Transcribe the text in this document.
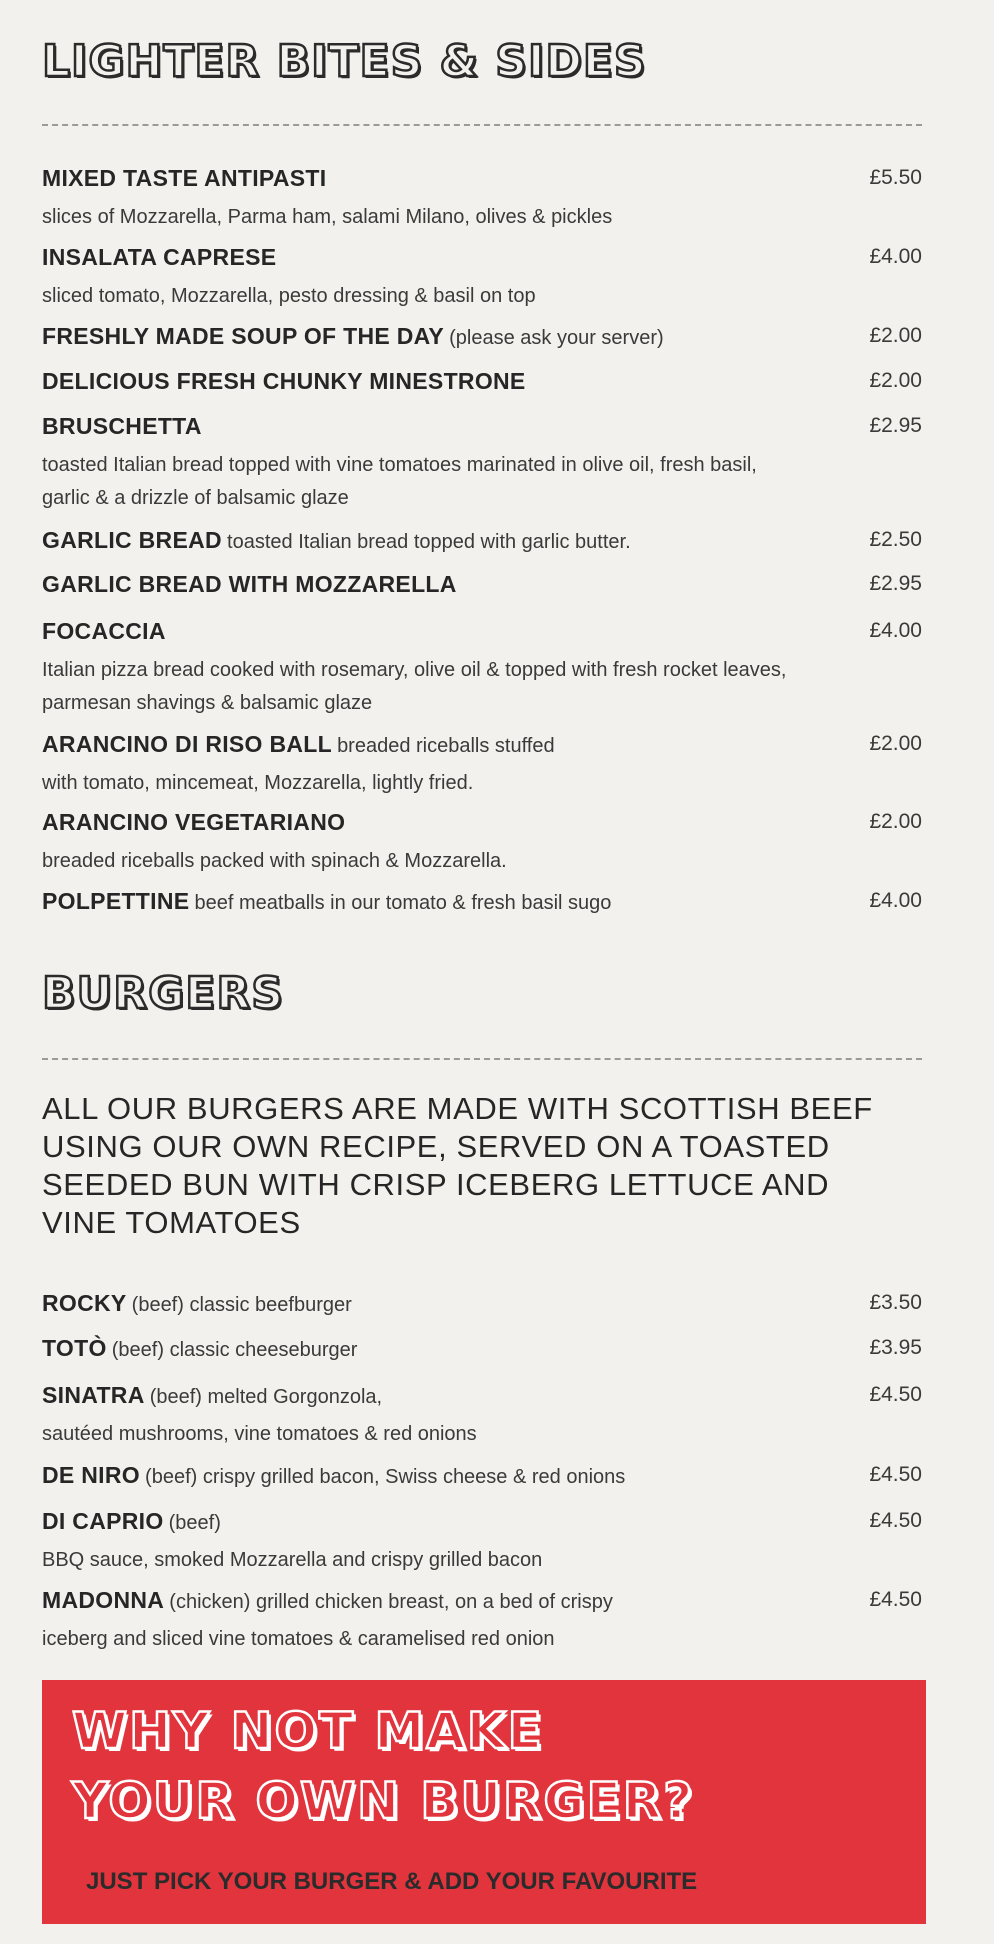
LIGHTER BITES & SIDES
MIXED TASTE ANTIPASTI
slices of Mozzarella, Parma ham, salami Milano, olives & pickles
£5.50
INSALATA CAPRESE
sliced tomato, Mozzarella, pesto dressing & basil on top
£4.00
FRESHLY MADE SOUP OF THE DAY (please ask your server)	£2.00
DELICIOUS FRESH CHUNKY MINESTRONE	£2.00
BRUSCHETTA
toasted Italian bread topped with vine tomatoes marinated in olive oil, fresh basil, garlic & a drizzle of balsamic glaze
£2.95
GARLIC BREAD toasted Italian bread topped with garlic butter.	£2.50
GARLIC BREAD WITH MOZZARELLA	£2.95
FOCACCIA
Italian pizza bread cooked with rosemary, olive oil & topped with fresh rocket leaves, parmesan shavings & balsamic glaze
£4.00
ARANCINO DI RISO BALL breaded riceballs stuffed
with tomato, mincemeat, Mozzarella, lightly fried.
£2.00
ARANCINO VEGETARIANO
breaded riceballs packed with spinach & Mozzarella.
£2.00
POLPETTINE beef meatballs in our tomato & fresh basil sugo	£4.00
BURGERS
ALL OUR BURGERS ARE MADE WITH SCOTTISH BEEF USING OUR OWN RECIPE, SERVED ON A TOASTED SEEDED BUN WITH CRISP ICEBERG LETTUCE AND VINE TOMATOES
ROCKY (beef) classic beefburger	£3.50
TOTÒ (beef) classic cheeseburger	£3.95
SINATRA (beef) melted Gorgonzola,
sautéed mushrooms, vine tomatoes & red onions
£4.50
DE NIRO (beef) crispy grilled bacon, Swiss cheese & red onions	£4.50
DI CAPRIO (beef)
BBQ sauce, smoked Mozzarella and crispy grilled bacon
£4.50
MADONNA (chicken) grilled chicken breast, on a bed of crispy
iceberg and sliced vine tomatoes & caramelised red onion
£4.50
WHY NOT MAKE
YOUR OWN BURGER?
JUST PICK YOUR BURGER & ADD YOUR FAVOURITE
